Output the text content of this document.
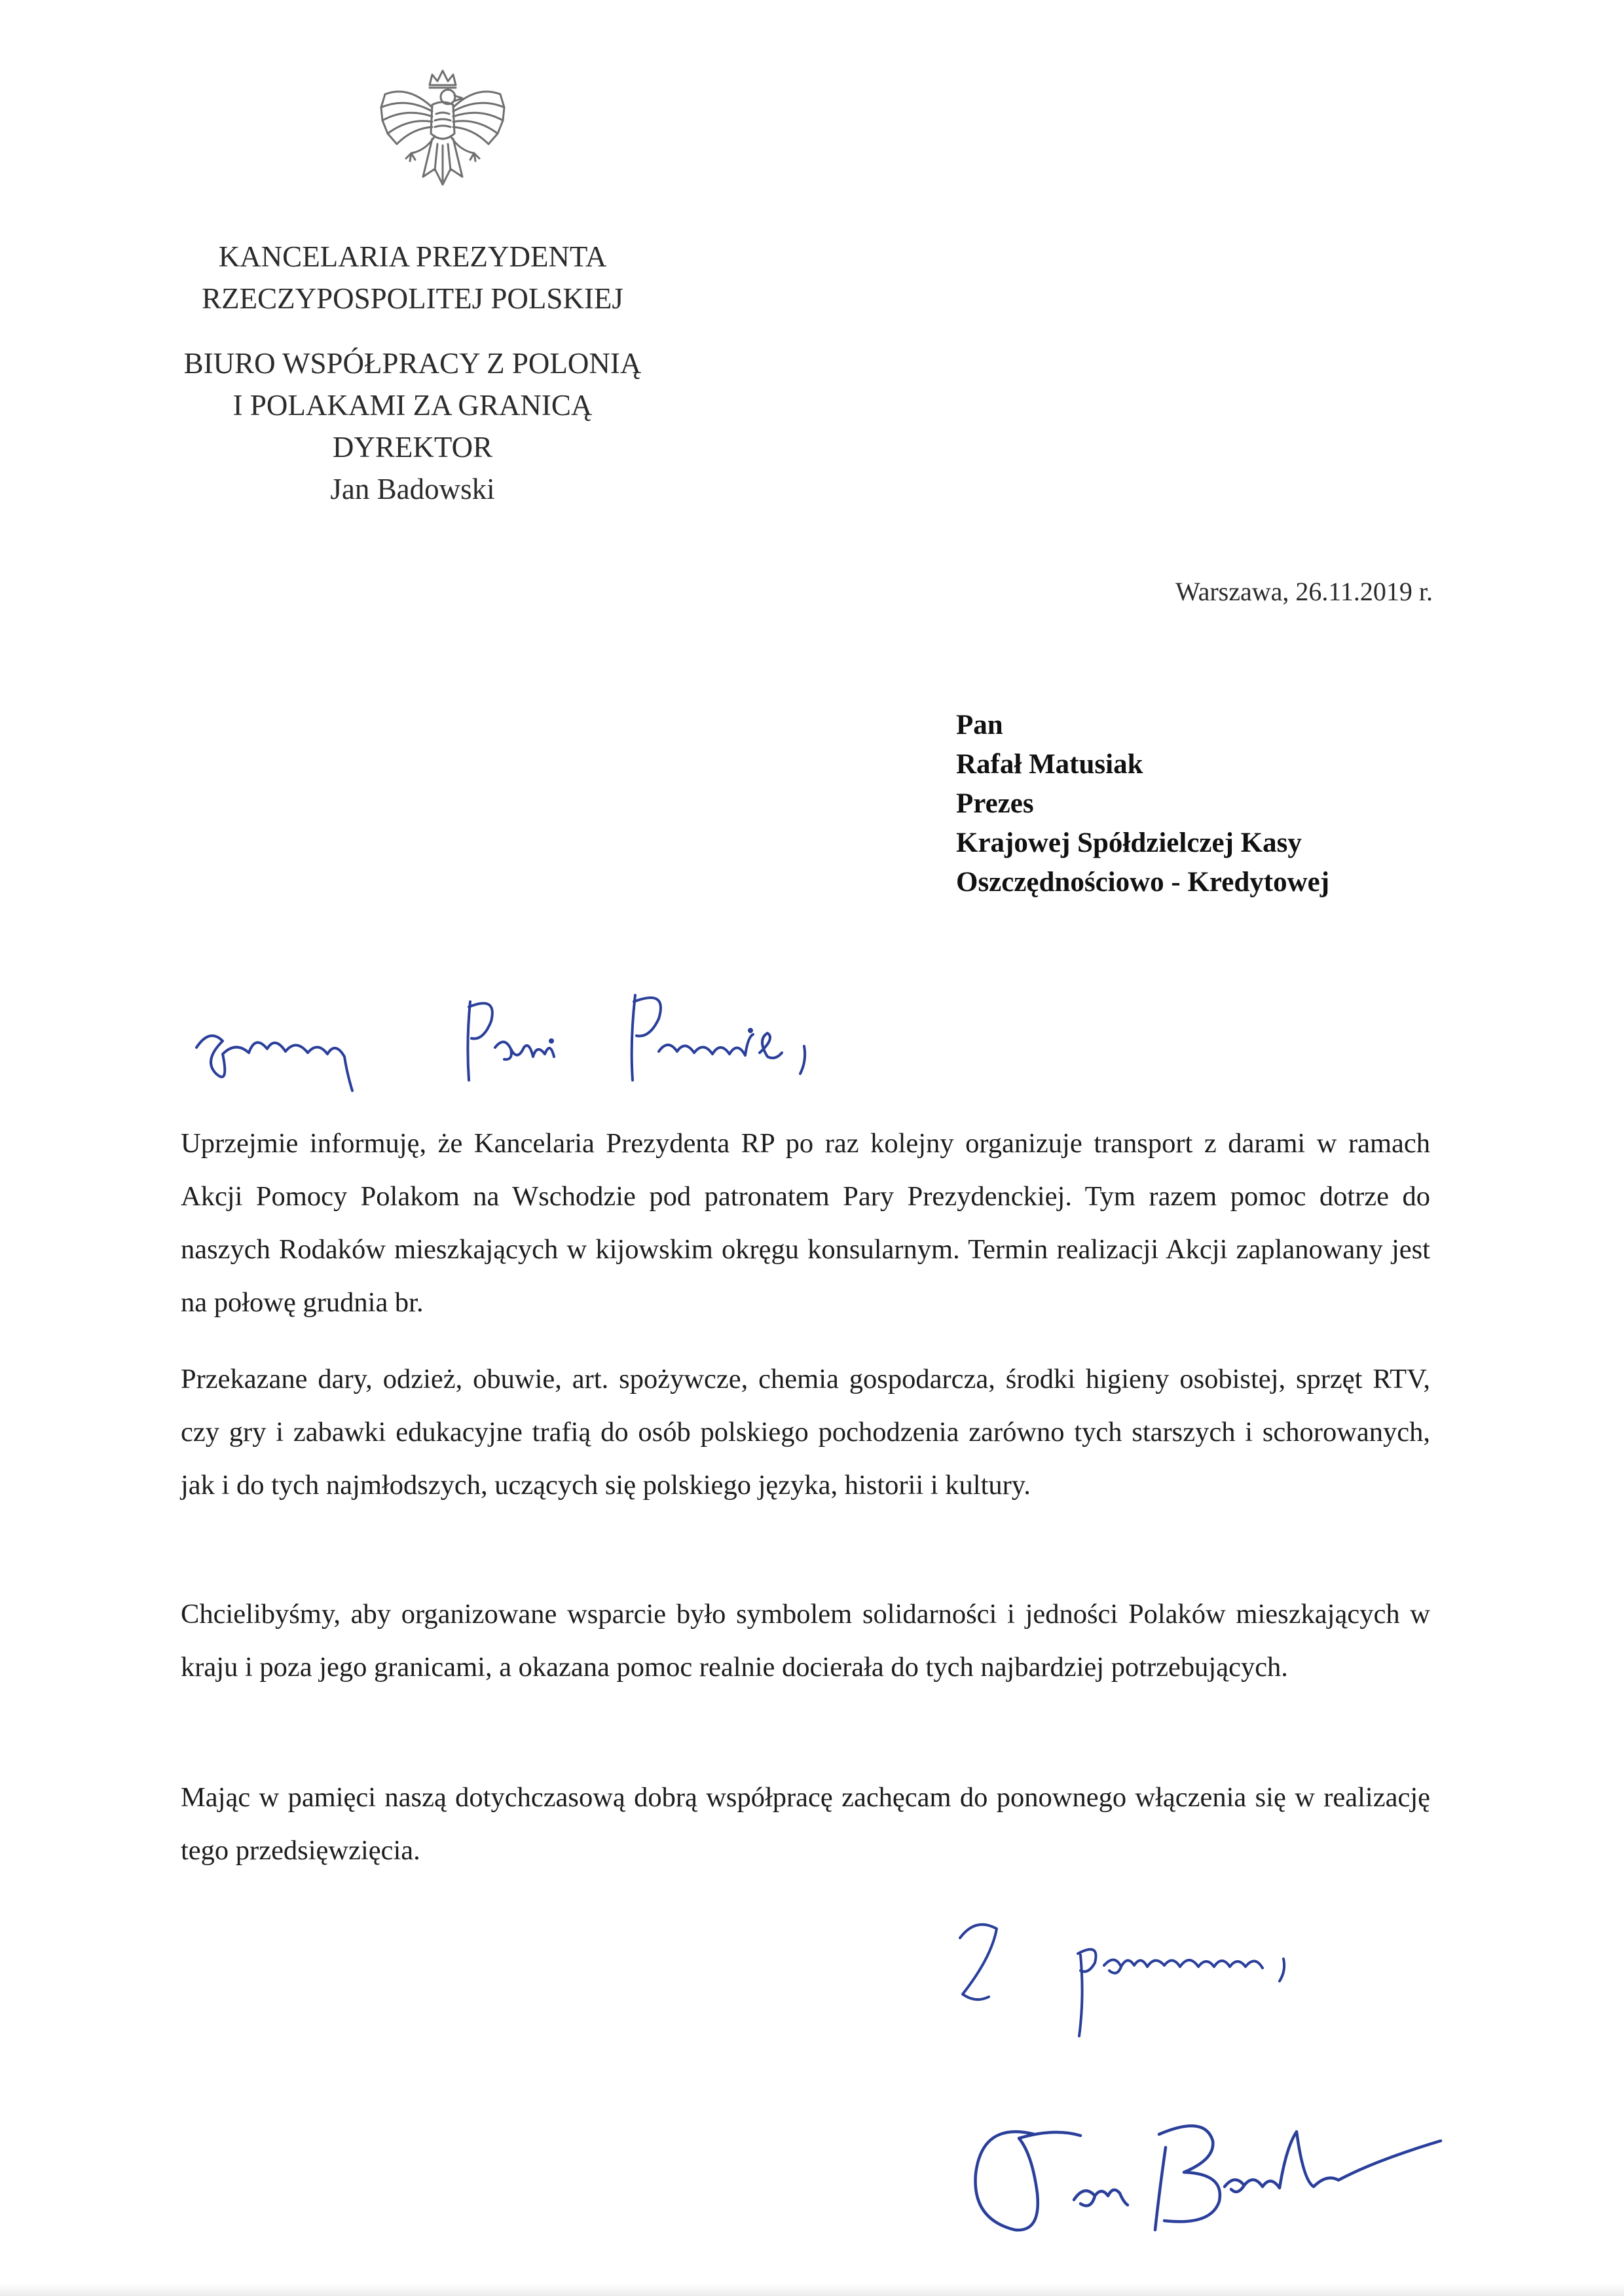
KANCELARIA PREZYDENTA
RZECZYPOSPOLITEJ POLSKIEJ
BIURO WSPÓŁPRACY Z POLONIĄ
I POLAKAMI ZA GRANICĄ
DYREKTOR
Jan Badowski
Warszawa, 26.11.2019 r.
Pan
Rafał Matusiak
Prezes
Krajowej Spółdzielczej Kasy
Oszczędnościowo - Kredytowej
Uprzejmie informuję, że Kancelaria Prezydenta RP po raz kolejny organizuje transport z darami w ramach Akcji Pomocy Polakom na Wschodzie pod patronatem Pary Prezydenckiej. Tym razem pomoc dotrze do naszych Rodaków mieszkających w kijowskim okręgu konsularnym. Termin realizacji Akcji zaplanowany jest na połowę grudnia br.
Przekazane dary, odzież, obuwie, art. spożywcze, chemia gospodarcza, środki higieny osobistej, sprzęt RTV, czy gry i zabawki edukacyjne trafią do osób polskiego pochodzenia zarówno tych starszych i schorowanych, jak i do tych najmłodszych, uczących się polskiego języka, historii i kultury.
Chcielibyśmy, aby organizowane wsparcie było symbolem solidarności i jedności Polaków mieszkających w kraju i poza jego granicami, a okazana pomoc realnie docierała do tych najbardziej potrzebujących.
Mając w pamięci naszą dotychczasową dobrą współpracę zachęcam do ponownego włączenia się w realizację tego przedsięwzięcia.
